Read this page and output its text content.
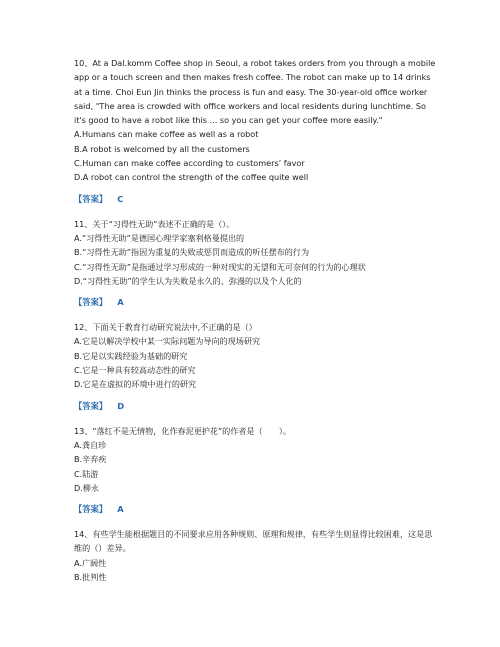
10、At a Dal.komm Coffee shop in Seoul, a robot takes orders from you through a mobile app or a touch screen and then makes fresh coffee. The robot can make up to 14 drinks at a time. Choi Eun Jin thinks the process is fun and easy. The 30-year-old office worker said, "The area is crowded with office workers and local residents during lunchtime. So it's good to have a robot like this ... so you can get your coffee more easily."

A.Humans can make coffee as well as a robot

B.A robot is welcomed by all the customers

C.Human can make coffee according to customers’ favor

D.A robot can control the strength of the coffee quite well

【答案】 C

11、关于“习得性无助”表述不正确的是（）。

A.“习得性无助”是德国心理学家塞利格曼提出的

B.“习得性无助”指因为重复的失败或惩罚而造成的听任摆布的行为

C.“习得性无助”是指通过学习形成的一种对现实的无望和无可奈何的行为的心理状

D.“习得性无助”的学生认为失败是永久的、弥漫的以及个人化的

【答案】 A

12、下面关于教育行动研究说法中,不正确的是（）

A.它是以解决学校中某一实际问题为导向的现场研究

B.它是以实践经验为基础的研究

C.它是一种具有较高动态性的研究

D.它是在虚拟的环境中进行的研究

【答案】 D

13、“落红不是无情物，化作春泥更护花”的作者是（　　）。

A.龚自珍

B.辛弃疾

C.陆游

D.柳永

【答案】 A

14、有些学生能根据题目的不同要求应用各种规则、原理和规律，有些学生则显得比较困难，这是思维的（）差异。

A.广阔性

B.批判性
